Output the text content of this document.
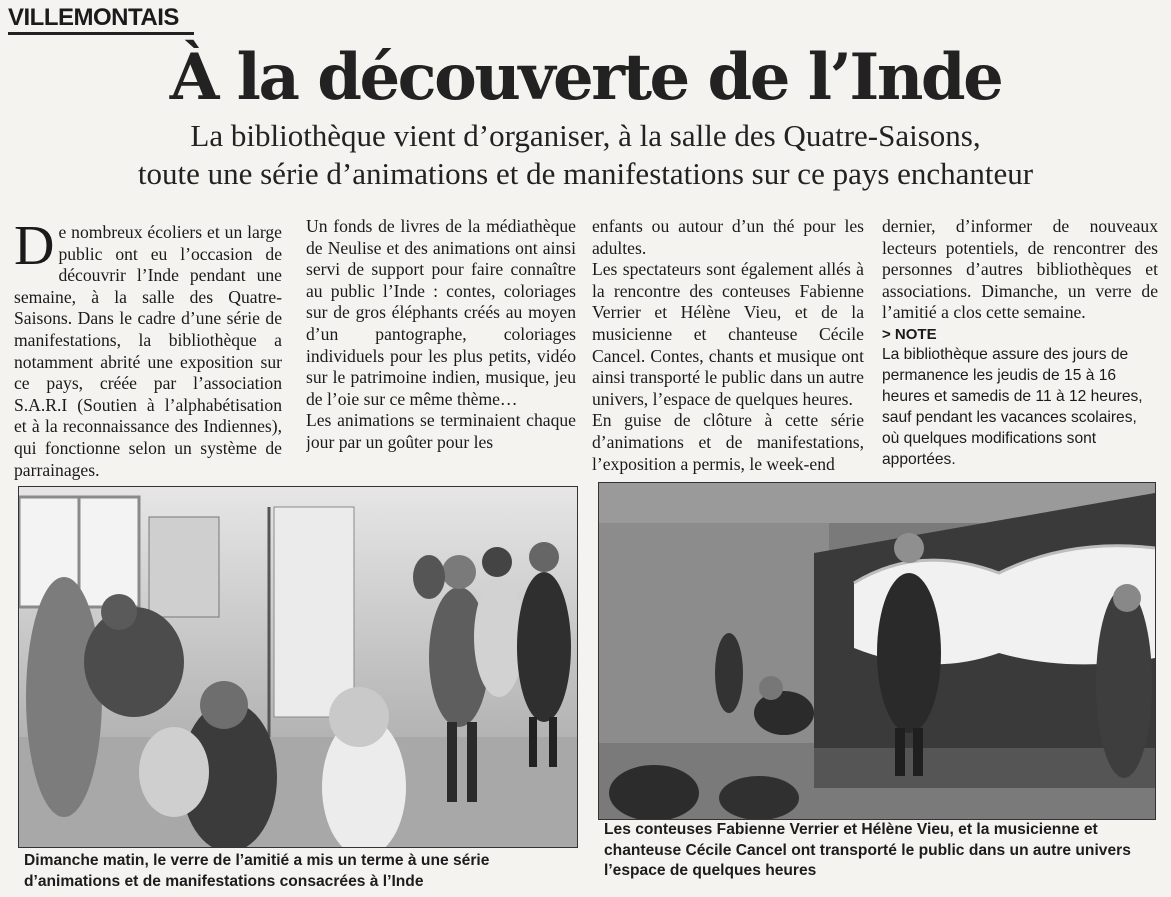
VILLEMONTAIS
À la découverte de l’Inde
La bibliothèque vient d’organiser, à la salle des Quatre-Saisons,
toute une série d’animations et de manifestations sur ce pays enchanteur

De nombreux écoliers et un large public ont eu l’occasion de découvrir l’Inde pendant une semaine, à la salle des Quatre-Saisons. Dans le cadre d’une série de manifestations, la bibliothèque a notamment abrité une exposition sur ce pays, créée par l’association S.A.R.I (Soutien à l’alphabétisation et à la reconnaissance des Indiennes), qui fonctionne selon un système de parrainages.

Un fonds de livres de la médiathèque de Neulise et des animations ont ainsi servi de support pour faire connaître au public l’Inde : contes, coloriages sur de gros éléphants créés au moyen d’un pantographe, coloriages individuels pour les plus petits, vidéo sur le patrimoine indien, musique, jeu de l’oie sur ce même thème…

Les animations se terminaient chaque jour par un goûter pour les

enfants ou autour d’un thé pour les adultes.

Les spectateurs sont également allés à la rencontre des conteuses Fabienne Verrier et Hélène Vieu, et de la musicienne et chanteuse Cécile Cancel. Contes, chants et musique ont ainsi transporté le public dans un autre univers, l’espace de quelques heures.

En guise de clôture à cette série d’animations et de manifestations, l’exposition a permis, le week-end

dernier, d’informer de nouveaux lecteurs potentiels, de rencontrer des personnes d’autres bibliothèques et associations. Dimanche, un verre de l’amitié a clos cette semaine.

> NOTE
La bibliothèque assure des jours de permanence les jeudis de 15 à 16 heures et samedis de 11 à 12 heures, sauf pendant les vacances scolaires, où quelques modifications sont apportées.
Dimanche matin, le verre de l’amitié a mis un terme à une série d’animations et de manifestations consacrées à l’Inde
Les conteuses Fabienne Verrier et Hélène Vieu, et la musicienne et chanteuse Cécile Cancel ont transporté le public dans un autre univers l’espace de quelques heures
